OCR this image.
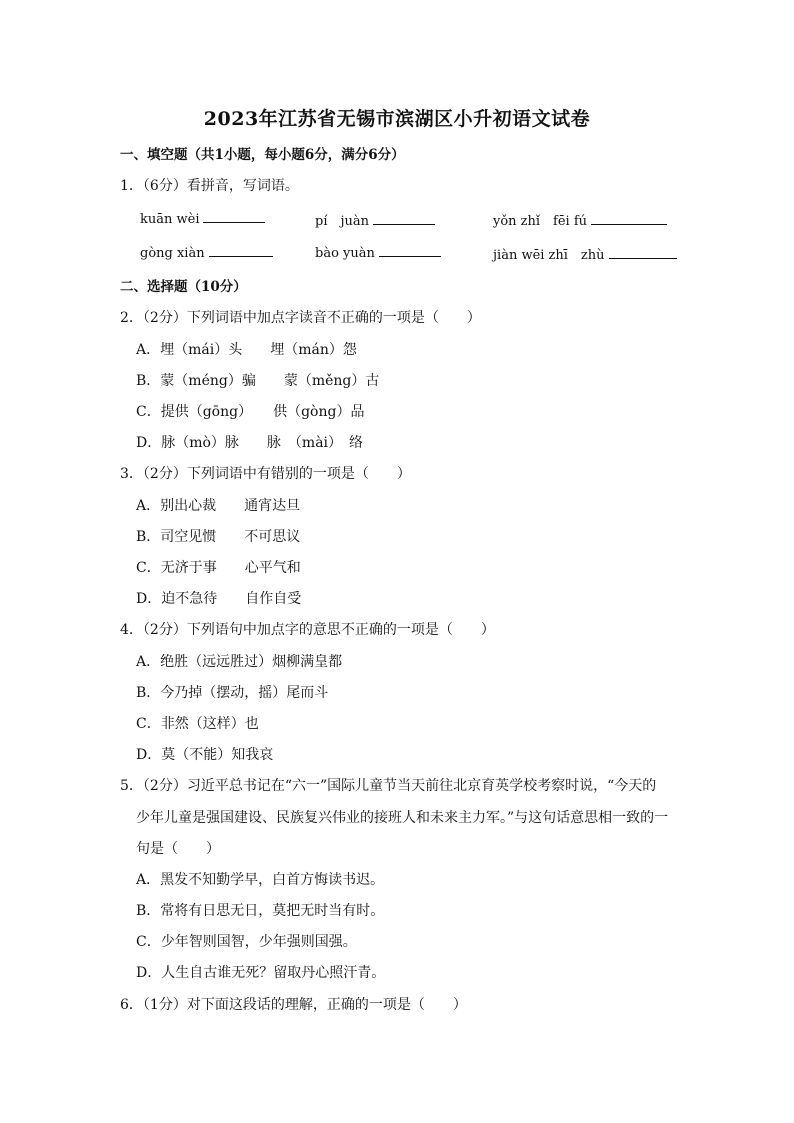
2023年江苏省无锡市滨湖区小升初语文试卷
一、填空题（共1小题，每小题6分，满分6分）
1．（6分）看拼音，写词语。
kuān wèi	pí　juàn	yǒn zhǐ　fēi fú
gòng xiàn	bào yuàn	jiàn wēi zhī　zhù
二、选择题（10分）
2．（2分）下列词语中加点字读音不正确的一项是（　　）
A．埋（mái）头　　埋（mán）怨
B．蒙（méng）骗　　蒙（měng）古
C．提供（gōng）　　供（gòng）品
D．脉（mò）脉　　脉　（mài）　络
3．（2分）下列词语中有错别的一项是（　　）
A．别出心裁　　通宵达旦
B．司空见惯　　不可思议
C．无济于事　　心平气和
D．迫不急待　　自作自受
4．（2分）下列语句中加点字的意思不正确的一项是（　　）
A．绝胜（远远胜过）烟柳满皇都
B．今乃掉（摆动，摇）尾而斗
C．非然（这样）也
D．莫（不能）知我哀
5．（2分）习近平总书记在“六一”国际儿童节当天前往北京育英学校考察时说，“今天的
少年儿童是强国建设、民族复兴伟业的接班人和未来主力军。”与这句话意思相一致的一
句是（　　）
A．黑发不知勤学早，白首方悔读书迟。
B．常将有日思无日，莫把无时当有时。
C．少年智则国智，少年强则国强。
D．人生自古谁无死？留取丹心照汗青。
6．（1分）对下面这段话的理解，正确的一项是（　　）
